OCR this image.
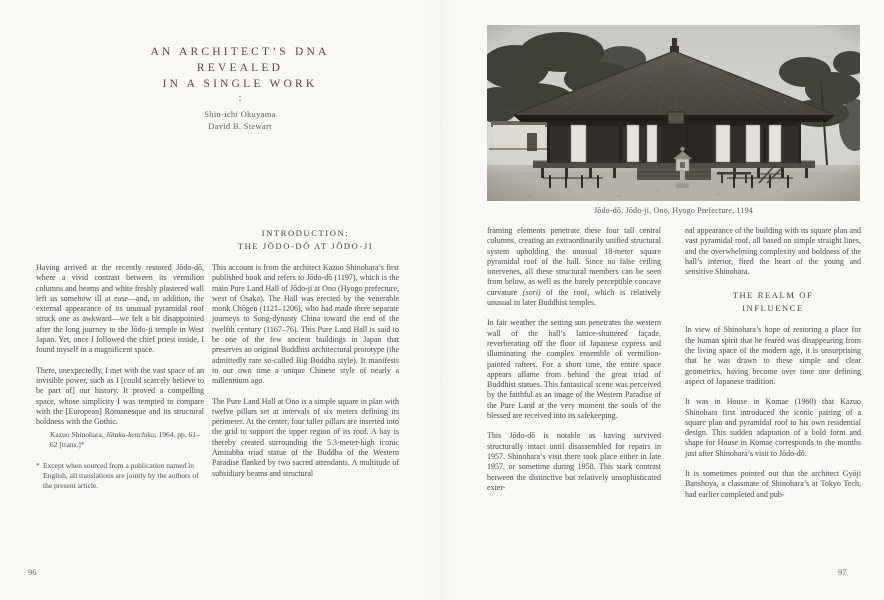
AN ARCHITECT’S DNA
REVEALED
IN A SINGLE WORK
:
Shin-ichi Okuyama
David B. Stewart

Having arrived at the recently restored Jōdo-dō, where a vivid contrast between its vermilion columns and beams and white freshly plastered wall left us somehow ill at ease—and, in addition, the external appearance of its unusual pyramidal roof struck one as awkward—we felt a bit disappointed after the long journey to the Jōdo-ji temple in West Japan. Yet, once I followed the chief priest inside, I found myself in a magnificent space.

There, unexpectedly, I met with the vast space of an invisible power, such as I [could scarcely believe to be part of] our history. It proved a compelling space, whose simplicity I was tempted to compare with the [European] Romanesque and its structural boldness with the Gothic.

Kazuo Shinohara, Jūtaku-kenchiku, 1964, pp. 61–62 [trans.]*
* Except when sourced from a publication named in English, all translations are jointly by the authors of the present article.
INTRODUCTION:
THE JŌDO-DŌ AT JŌDO-JI

This account is from the architect Kazuo Shinohara’s first published book and refers to Jōdo-dō (1197), which is the main Pure Land Hall of Jōdo-ji at Ono (Hyogo prefecture, west of Osaka). The Hall was erected by the venerable monk Chōgen (1121–1206), who had made three separate journeys to Song-dynasty China toward the end of the twelfth century (1167–76). This Pure Land Hall is said to be one of the few ancient buildings in Japan that preserves an original Buddhist architectural prototype (the admittedly rare so-called Big Buddha style). It manifests in our own time a unique Chinese style of nearly a millennium ago.

The Pure Land Hall at Ono is a simple square in plan with twelve pillars set at intervals of six meters defining its perimeter. At the center, four taller pillars are inserted into the grid to support the upper region of its roof. A bay is thereby created surrounding the 5.3-meter-high iconic Amitabha triad statue of the Buddha of the Western Paradise flanked by two sacred attendants. A multitude of subsidiary beams and structural

96
Jōdo-dō, Jōdo-ji, Ono, Hyogo Prefecture, 1194

framing elements penetrate these four tall central columns, creating an extraordinarily unified structural system upholding the unusual 18-meter square pyramidal roof of the hall. Since no false ceiling intervenes, all these structural members can be seen from below, as well as the barely perceptible concave curvature (sori) of the roof, which is relatively unusual in later Buddhist temples.

In fair weather the setting sun penetrates the western wall of the hall’s lattice-shuttered façade, reverberating off the floor of Japanese cypress and illuminating the complex ensemble of vermilion-painted rafters. For a short time, the entire space appears aflame from behind the great triad of Buddhist statues. This fantastical scene was perceived by the faithful as an image of the Western Paradise of the Pure Land at the very moment the souls of the blessed are received into its safekeeping.

This Jōdo-dō is notable as having survived structurally intact until disassembled for repairs in 1957. Shinohara’s visit there took place either in late 1957, or sometime during 1958. This stark contrast between the distinctive but relatively unsophisticated exter-

nal appearance of the building with its square plan and vast pyramidal roof, all based on simple straight lines, and the overwhelming complexity and boldness of the hall’s interior, fired the heart of the young and sensitive Shinohara.

THE REALM OF
INFLUENCE

In view of Shinohara’s hope of restoring a place for the human spirit that he feared was disappearing from the living space of the modern age, it is unsurprising that he was drawn to these simple and clear geometrics, having become over time one defining aspect of Japanese tradition.

It was in House in Komae (1960) that Kazuo Shinohara first introduced the iconic pairing of a square plan and pyramidal roof to his own residential design. This sudden adaptation of a bold form and shape for House in Komae corresponds to the months just after Shinohara’s visit to Jōdo-dō.

It is sometimes pointed out that the architect Gyōji Banshoya, a classmate of Shinohara’s at Tokyo Tech, had earlier completed and pub-

97
